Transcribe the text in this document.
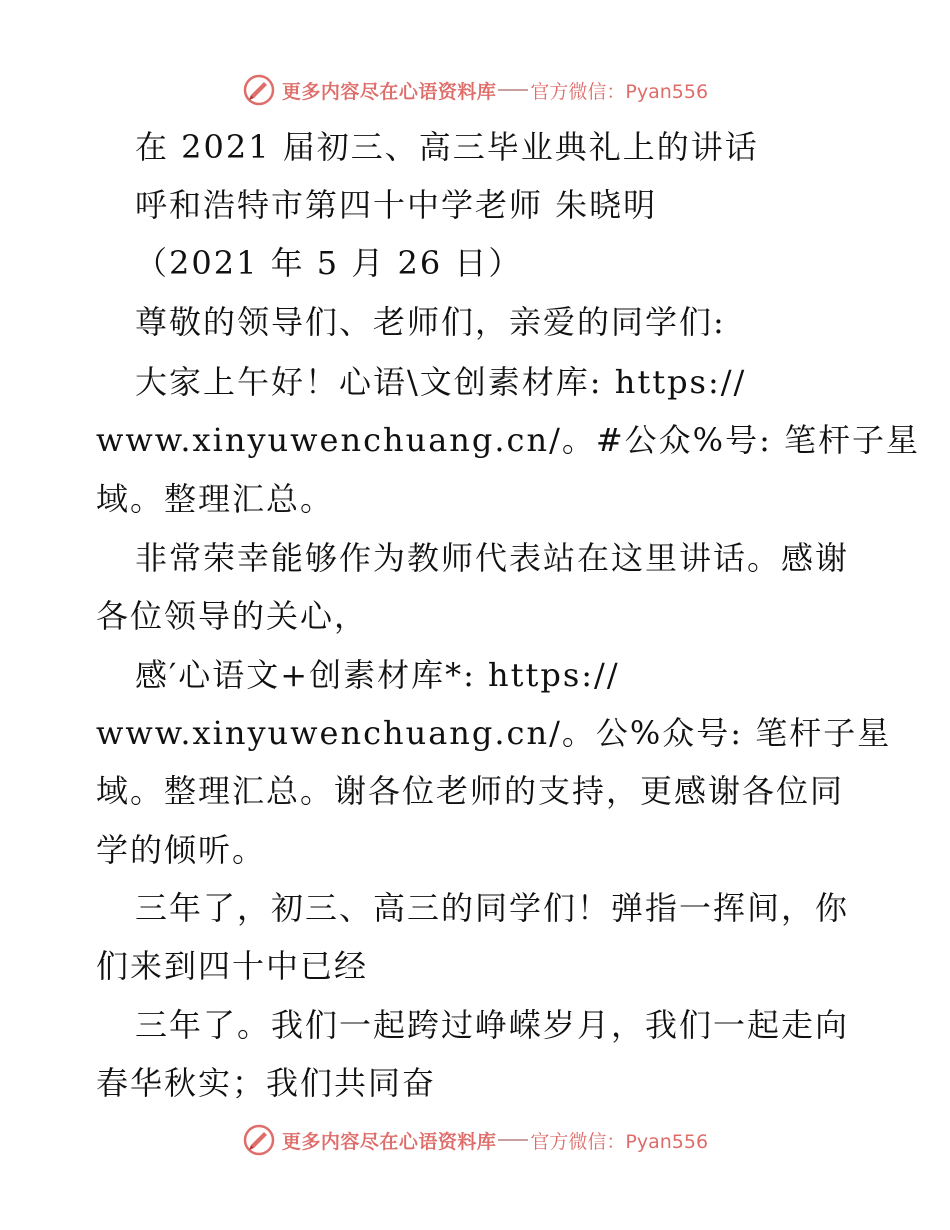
更多内容尽在心语资料库 官方微信：Pyan556
在 2021 届初三、高三毕业典礼上的讲话
呼和浩特市第四十中学老师 朱晓明
（2021 年 5 月 26 日）
尊敬的领导们、老师们，亲爱的同学们:
大家上午好！心语\文创素材库: https://
www.xinyuwenchuang.cn/。#公众%号: 笔杆子星
域。整理汇总。
非常荣幸能够作为教师代表站在这里讲话。感谢
各位领导的关心，
感′心语文+创素材库*: https://
www.xinyuwenchuang.cn/。公%众号: 笔杆子星
域。整理汇总。谢各位老师的支持，更感谢各位同
学的倾听。
三年了，初三、高三的同学们！弹指一挥间，你
们来到四十中已经
三年了。我们一起跨过峥嵘岁月，我们一起走向
春华秋实；我们共同奋
更多内容尽在心语资料库 官方微信：Pyan556
